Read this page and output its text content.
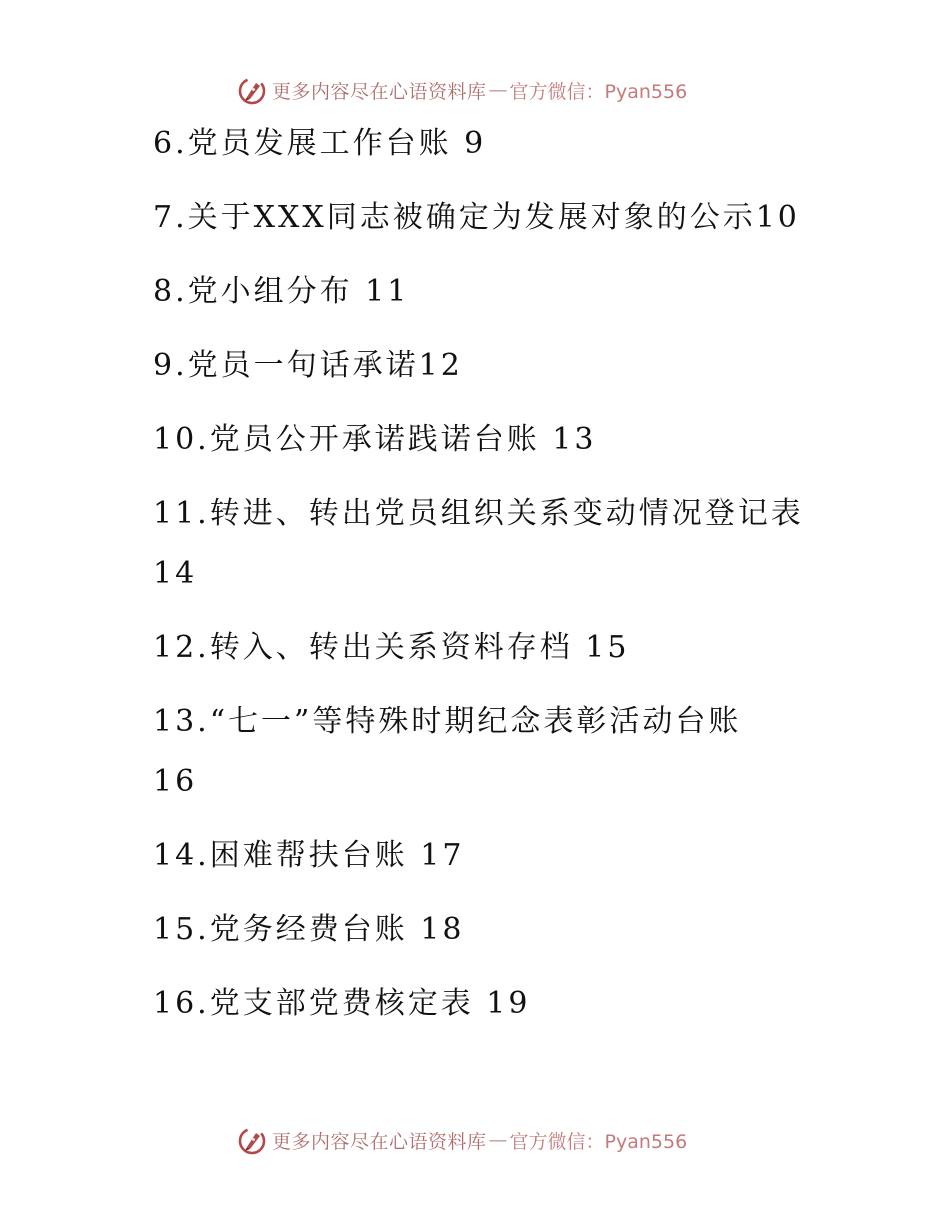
更多内容尽在心语资料库 — 官方微信：Pyan556
6.党员发展工作台账 9
7.关于XXX同志被确定为发展对象的公示10
8.党小组分布 11
9.党员一句话承诺12
10.党员公开承诺践诺台账 13
11.转进、转出党员组织关系变动情况登记表
14
12.转入、转出关系资料存档 15
13.“七一”等特殊时期纪念表彰活动台账
16
14.困难帮扶台账 17
15.党务经费台账 18
16.党支部党费核定表 19
更多内容尽在心语资料库 — 官方微信：Pyan556
